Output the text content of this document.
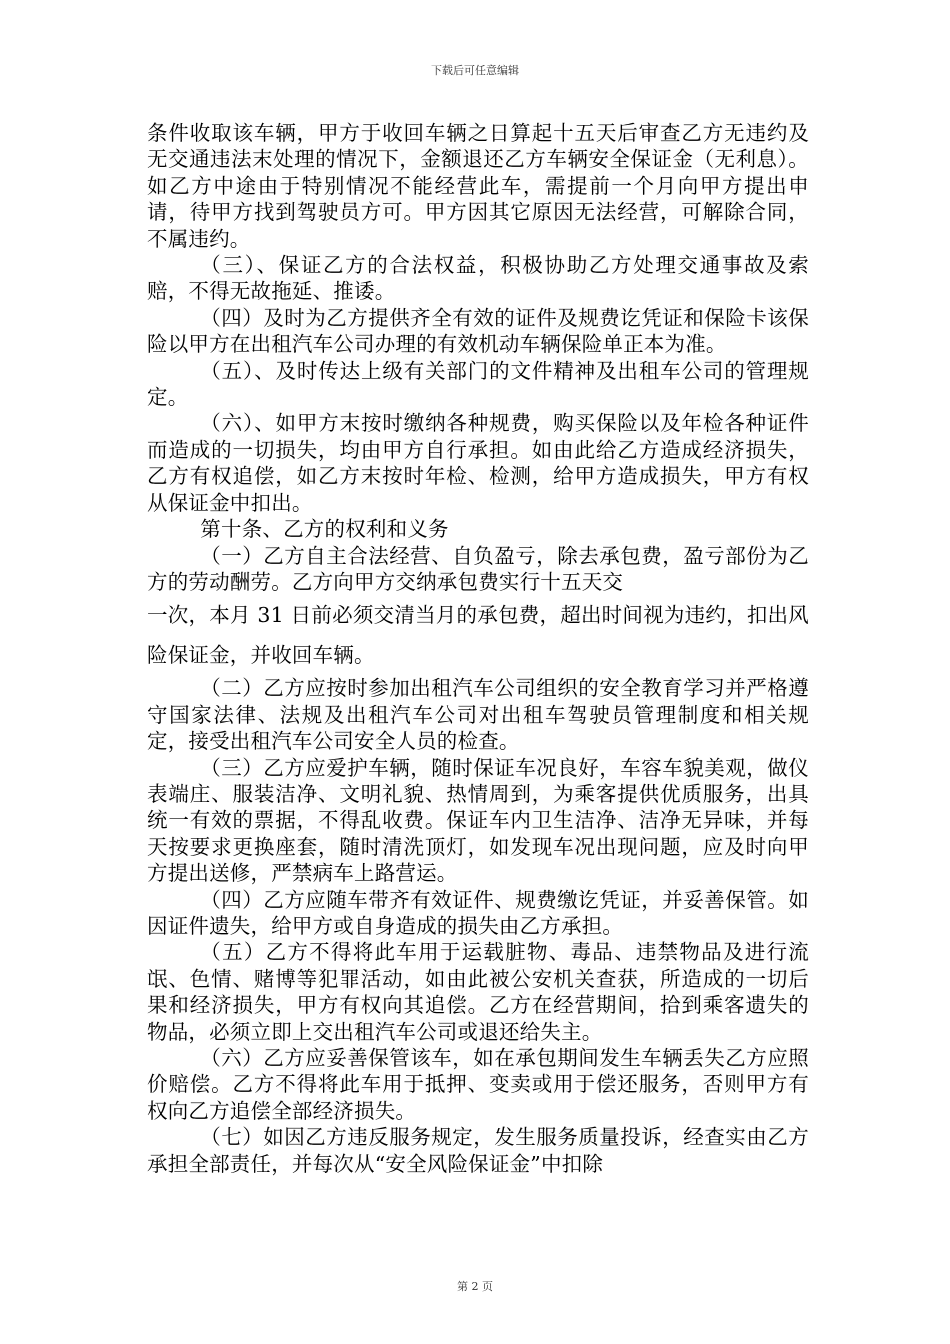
下载后可任意编辑

条件收取该车辆，甲方于收回车辆之日算起十五天后审查乙方无违约及无交通违法末处理的情况下，金额退还乙方车辆安全保证金（无利息）。如乙方中途由于特别情况不能经营此车，需提前一个月向甲方提出申请，待甲方找到驾驶员方可。甲方因其它原因无法经营，可解除合同，不属违约。

（三）、保证乙方的合法权益，积极协助乙方处理交通事故及索赔，不得无故拖延、推诿。

（四）及时为乙方提供齐全有效的证件及规费讫凭证和保险卡该保险以甲方在出租汽车公司办理的有效机动车辆保险单正本为准。

（五）、及时传达上级有关部门的文件精神及出租车公司的管理规定。

（六）、如甲方末按时缴纳各种规费，购买保险以及年检各种证件而造成的一切损失，均由甲方自行承担。如由此给乙方造成经济损失，乙方有权追偿，如乙方末按时年检、检测，给甲方造成损失，甲方有权从保证金中扣出。

第十条、乙方的权利和义务

（一）乙方自主合法经营、自负盈亏，除去承包费，盈亏部份为乙方的劳动酬劳。乙方向甲方交纳承包费实行十五天交

一次，本月 31 日前必须交清当月的承包费，超出时间视为违约，扣出风险保证金，并收回车辆。

（二）乙方应按时参加出租汽车公司组织的安全教育学习并严格遵守国家法律、法规及出租汽车公司对出租车驾驶员管理制度和相关规定，接受出租汽车公司安全人员的检查。

（三）乙方应爱护车辆，随时保证车况良好，车容车貌美观，做仪表端庄、服装洁净、文明礼貌、热情周到，为乘客提供优质服务，出具统一有效的票据，不得乱收费。保证车内卫生洁净、洁净无异味，并每天按要求更换座套，随时清洗顶灯，如发现车况出现问题，应及时向甲方提出送修，严禁病车上路营运。

（四）乙方应随车带齐有效证件、规费缴讫凭证，并妥善保管。如因证件遗失，给甲方或自身造成的损失由乙方承担。

（五）乙方不得将此车用于运载脏物、毒品、违禁物品及进行流氓、色情、赌博等犯罪活动，如由此被公安机关查获，所造成的一切后果和经济损失，甲方有权向其追偿。乙方在经营期间，拾到乘客遗失的物品，必须立即上交出租汽车公司或退还给失主。

（六）乙方应妥善保管该车，如在承包期间发生车辆丢失乙方应照价赔偿。乙方不得将此车用于抵押、变卖或用于偿还服务，否则甲方有权向乙方追偿全部经济损失。

（七）如因乙方违反服务规定，发生服务质量投诉，经查实由乙方承担全部责任，并每次从“安全风险保证金”中扣除

第 2 页
